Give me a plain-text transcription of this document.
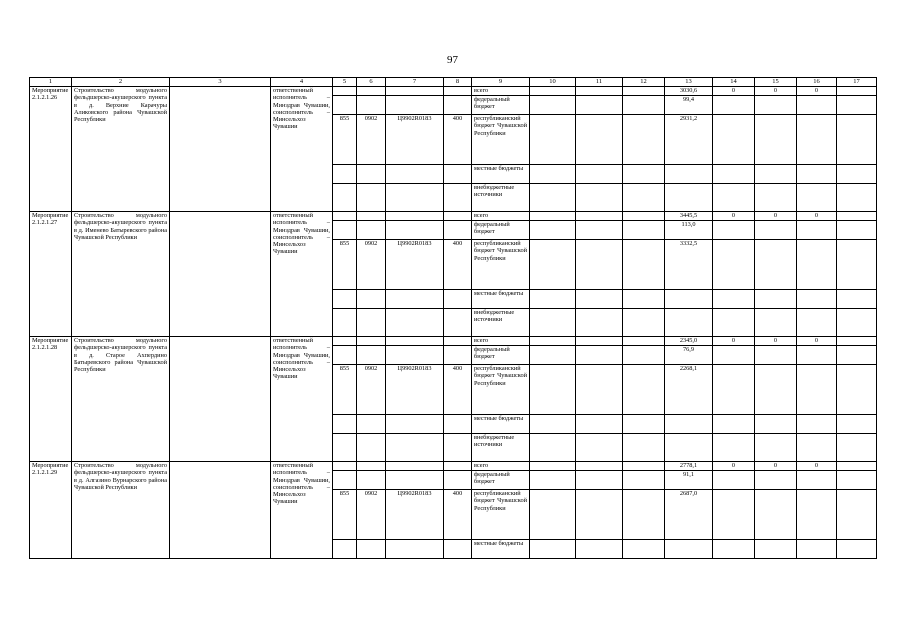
97
1	2	3	4	5	6	7	8	9	10	11	12	13	14	15	16	17
Мероприятие 2.1.2.1.26	Строительство модульного фельдшерско-акушерского пункта в д. Верхние Карачуры Аликовского района Чувашской Республики		ответственный исполнитель – Минздрав Чувашии, соисполнитель – Минсельхоз Чувашии					всего				3030,6	0	0	0	
								федеральный бюджет				99,4				
				855	0902	Ц9902R0183	400	республиканский бюджет Чувашской Республики				2931,2				
								местные бюджеты								
								внебюджетные источники								
Мероприятие 2.1.2.1.27	Строительство модульного фельдшерско-акушерского пункта в д. Именево Батыревского района Чувашской Республики		ответственный исполнитель – Минздрав Чувашии, соисполнитель – Минсельхоз Чувашии					всего				3445,5	0	0	0	
								федеральный бюджет				113,0				
				855	0902	Ц9902R0183	400	республиканский бюджет Чувашской Республики				3332,5				
								местные бюджеты								
								внебюджетные источники								
Мероприятие 2.1.2.1.28	Строительство модульного фельдшерско-акушерского пункта в д. Старое Ахпердино Батыревского района Чувашской Республики		ответственный исполнитель – Минздрав Чувашии, соисполнитель – Минсельхоз Чувашии					всего				2345,0	0	0	0	
								федеральный бюджет				76,9				
				855	0902	Ц9902R0183	400	республиканский бюджет Чувашской Республики				2268,1				
								местные бюджеты								
								внебюджетные источники								
Мероприятие 2.1.2.1.29	Строительство модульного фельдшерско-акушерского пункта в д. Алгазино Вурнарского района Чувашской Республики		ответственный исполнитель – Минздрав Чувашии, соисполнитель – Минсельхоз Чувашии					всего				2778,1	0	0	0	
								федеральный бюджет				91,1				
				855	0902	Ц9902R0183	400	республиканский бюджет Чувашской Республики				2687,0				
								местные бюджеты								
